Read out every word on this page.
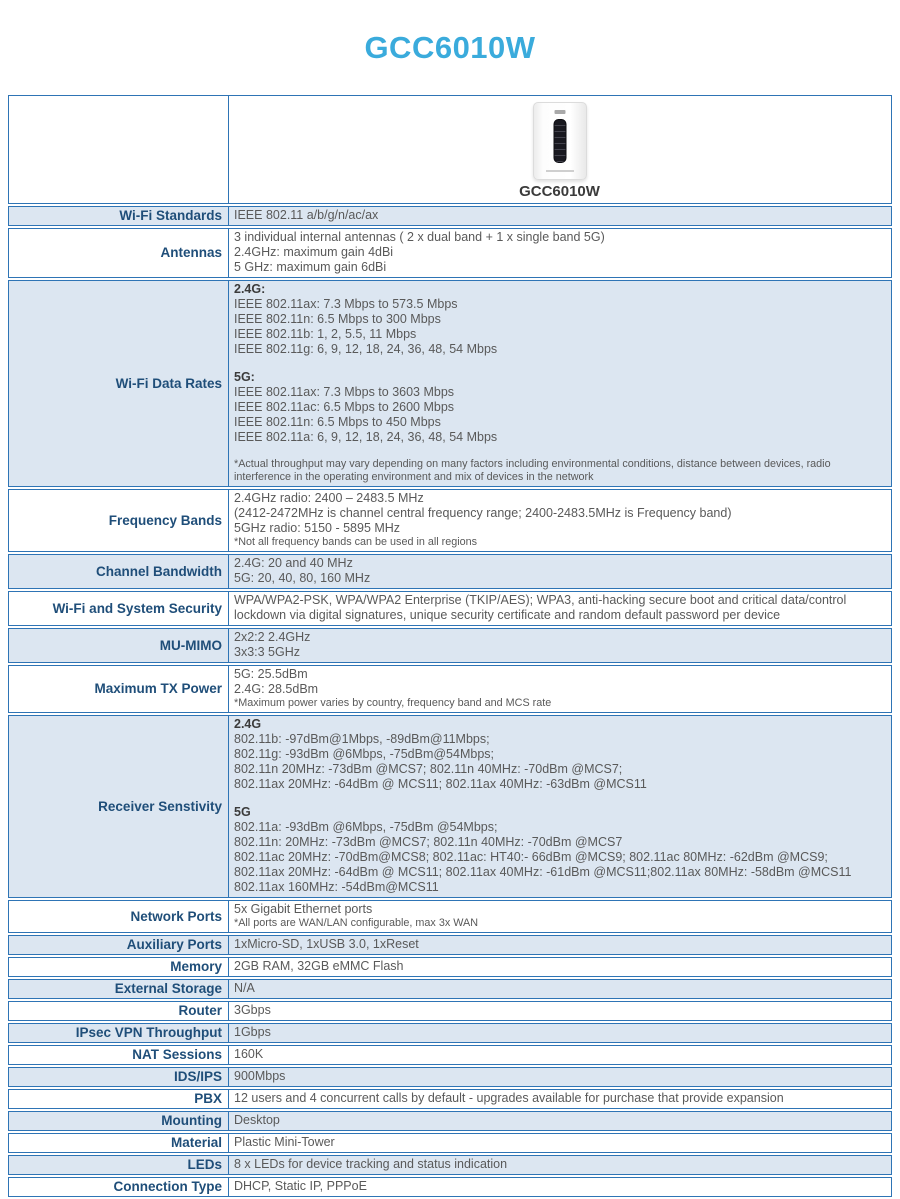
GCC6010W

	GCC6010W

Wi-Fi Standards	IEEE 802.11 a/b/g/n/ac/ax

Antennas	3 individual internal antennas ( 2 x dual band + 1 x single band 5G)
2.4GHz: maximum gain 4dBi
5 GHz: maximum gain 6dBi

Wi-Fi Data Rates	
2.4G:
IEEE 802.11ax: 7.3 Mbps to 573.5 Mbps
IEEE 802.11n: 6.5 Mbps to 300 Mbps
IEEE 802.11b: 1, 2, 5.5, 11 Mbps
IEEE 802.11g: 6, 9, 12, 18, 24, 36, 48, 54 Mbps
5G:
IEEE 802.11ax: 7.3 Mbps to 3603 Mbps
IEEE 802.11ac: 6.5 Mbps to 2600 Mbps
IEEE 802.11n: 6.5 Mbps to 450 Mbps
IEEE 802.11a: 6, 9, 12, 18, 24, 36, 48, 54 Mbps
*Actual throughput may vary depending on many factors including environmental conditions, distance between devices, radio interference in the operating environment and mix of devices in the network

Frequency Bands	2.4GHz radio: 2400 – 2483.5 MHz
(2412-2472MHz is channel central frequency range; 2400-2483.5MHz is Frequency band)
5GHz radio: 5150 - 5895 MHz
*Not all frequency bands can be used in all regions

Channel Bandwidth	2.4G: 20 and 40 MHz
5G: 20, 40, 80, 160 MHz

Wi-Fi and System Security	WPA/WPA2-PSK, WPA/WPA2 Enterprise (TKIP/AES); WPA3, anti-hacking secure boot and critical data/control lockdown via digital signatures, unique security certificate and random default password per device

MU-MIMO	2x2:2 2.4GHz
3x3:3 5GHz

Maximum TX Power	5G: 25.5dBm
2.4G: 28.5dBm
*Maximum power varies by country, frequency band and MCS rate

Receiver Senstivity	
2.4G
802.11b: -97dBm@1Mbps, -89dBm@11Mbps;
802.11g: -93dBm @6Mbps, -75dBm@54Mbps;
802.11n 20MHz: -73dBm @MCS7; 802.11n 40MHz: -70dBm @MCS7;
802.11ax 20MHz: -64dBm @ MCS11; 802.11ax 40MHz: -63dBm @MCS11
5G
802.11a: -93dBm @6Mbps, -75dBm @54Mbps;
802.11n: 20MHz: -73dBm @MCS7; 802.11n 40MHz: -70dBm @MCS7
802.11ac 20MHz: -70dBm@MCS8; 802.11ac: HT40:- 66dBm @MCS9; 802.11ac 80MHz: -62dBm @MCS9;
802.11ax 20MHz: -64dBm @ MCS11; 802.11ax 40MHz: -61dBm @MCS11;802.11ax 80MHz: -58dBm @MCS11
802.11ax 160MHz: -54dBm@MCS11

Network Ports	5x Gigabit Ethernet ports
*All ports are WAN/LAN configurable, max 3x WAN

Auxiliary Ports	1xMicro-SD, 1xUSB 3.0, 1xReset

Memory	2GB RAM, 32GB eMMC Flash

External Storage	N/A

Router	3Gbps

IPsec VPN Throughput	1Gbps

NAT Sessions	160K

IDS/IPS	900Mbps

PBX	12 users and 4 concurrent calls by default - upgrades available for purchase that provide expansion

Mounting	Desktop

Material	Plastic Mini-Tower

LEDs	8 x LEDs for device tracking and status indication

Connection Type	DHCP, Static IP, PPPoE
